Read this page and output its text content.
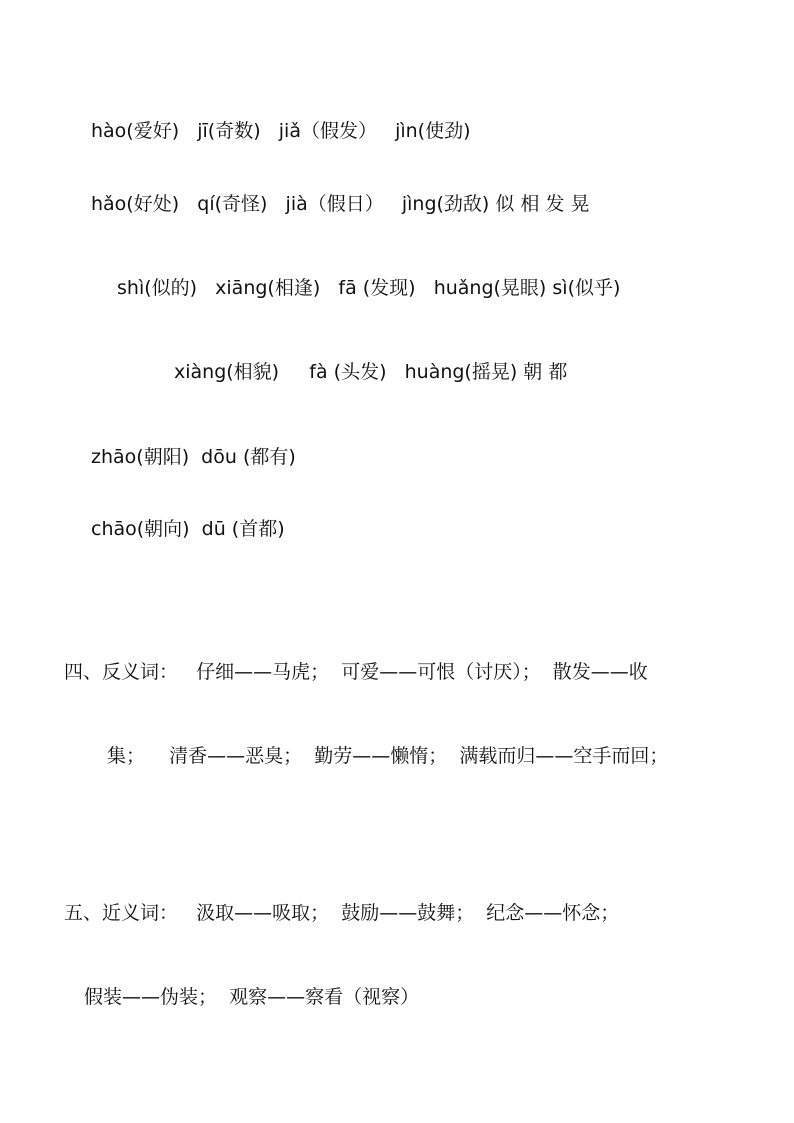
hào(爱好)   jī(奇数)   jiǎ（假发）   jìn(使劲)
hǎo(好处)   qí(奇怪)   jià（假日）   jìng(劲敌) 似 相 发 晃
shì(似的)   xiāng(相逢)   fā (发现)   huǎng(晃眼) sì(似乎)
xiàng(相貌)     fà (头发)   huàng(摇晃) 朝 都
zhāo(朝阳)  dōu (都有)
chāo(朝向)  dū (首都)
四、反义词：   仔细——马虎；  可爱——可恨（讨厌）；  散发——收
集；    清香——恶臭；  勤劳——懒惰；  满载而归——空手而回；
五、近义词：   汲取——吸取；  鼓励——鼓舞；  纪念——怀念；
假装——伪装；  观察——察看（视察）
